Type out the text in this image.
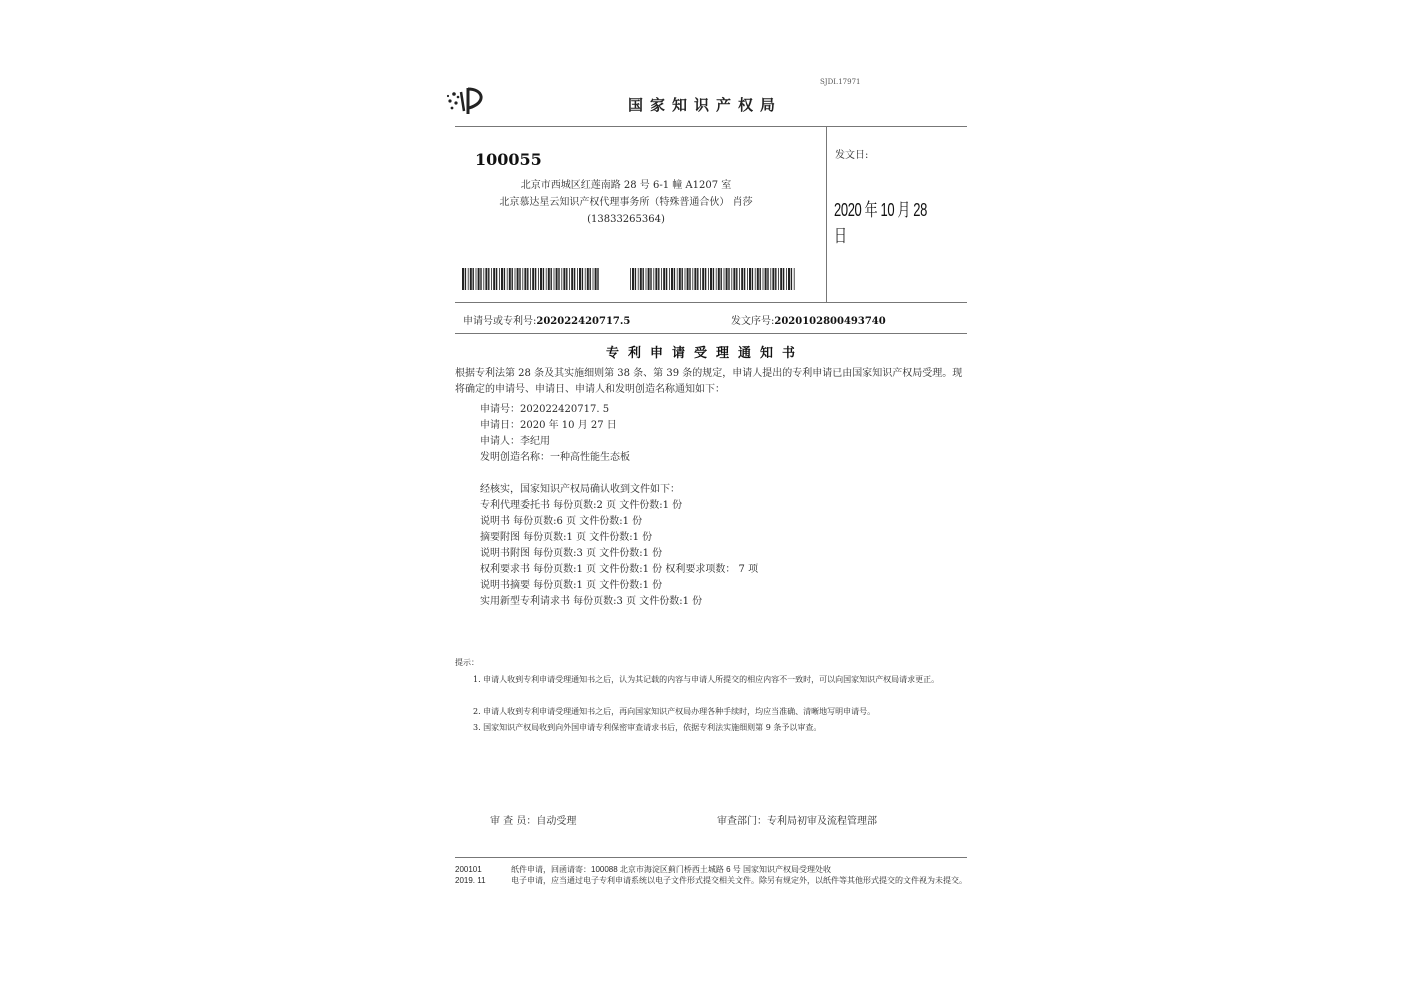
SJDI.17971
国家知识产权局
100055
北京市西城区红莲南路 28 号 6-1 幢 A1207 室
北京慕达星云知识产权代理事务所（特殊普通合伙） 肖莎
(13833265364)
发文日:
2020 年 10 月 28 日
申请号或专利号:202022420717.5	发文序号:2020102800493740
专利申请受理通知书
根据专利法第 28 条及其实施细则第 38 条、第 39 条的规定，申请人提出的专利申请已由国家知识产权局受理。现将确定的申请号、申请日、申请人和发明创造名称通知如下：
申请号：202022420717. 5
申请日：2020 年 10 月 27 日
申请人：李纪用
发明创造名称：一种高性能生态板
经核实，国家知识产权局确认收到文件如下：
专利代理委托书 每份页数:2 页 文件份数:1 份
说明书 每份页数:6 页 文件份数:1 份
摘要附图 每份页数:1 页 文件份数:1 份
说明书附图 每份页数:3 页 文件份数:1 份
权利要求书 每份页数:1 页 文件份数:1 份 权利要求项数： 7 项
说明书摘要 每份页数:1 页 文件份数:1 份
实用新型专利请求书 每份页数:3 页 文件份数:1 份
提示：
1. 申请人收到专利申请受理通知书之后，认为其记载的内容与申请人所提交的相应内容不一致时，可以向国家知识产权局请求更正。
2. 申请人收到专利申请受理通知书之后，再向国家知识产权局办理各种手续时，均应当准确、清晰地写明申请号。
3. 国家知识产权局收到向外国申请专利保密审查请求书后，依据专利法实施细则第 9 条予以审查。
审 查 员：自动受理	审查部门：专利局初审及流程管理部
200101
2019. 11
纸件申请，回函请寄：100088 北京市海淀区蓟门桥西土城路 6 号 国家知识产权局受理处收
电子申请，应当通过电子专利申请系统以电子文件形式提交相关文件。除另有规定外，以纸件等其他形式提交的文件视为未提交。
